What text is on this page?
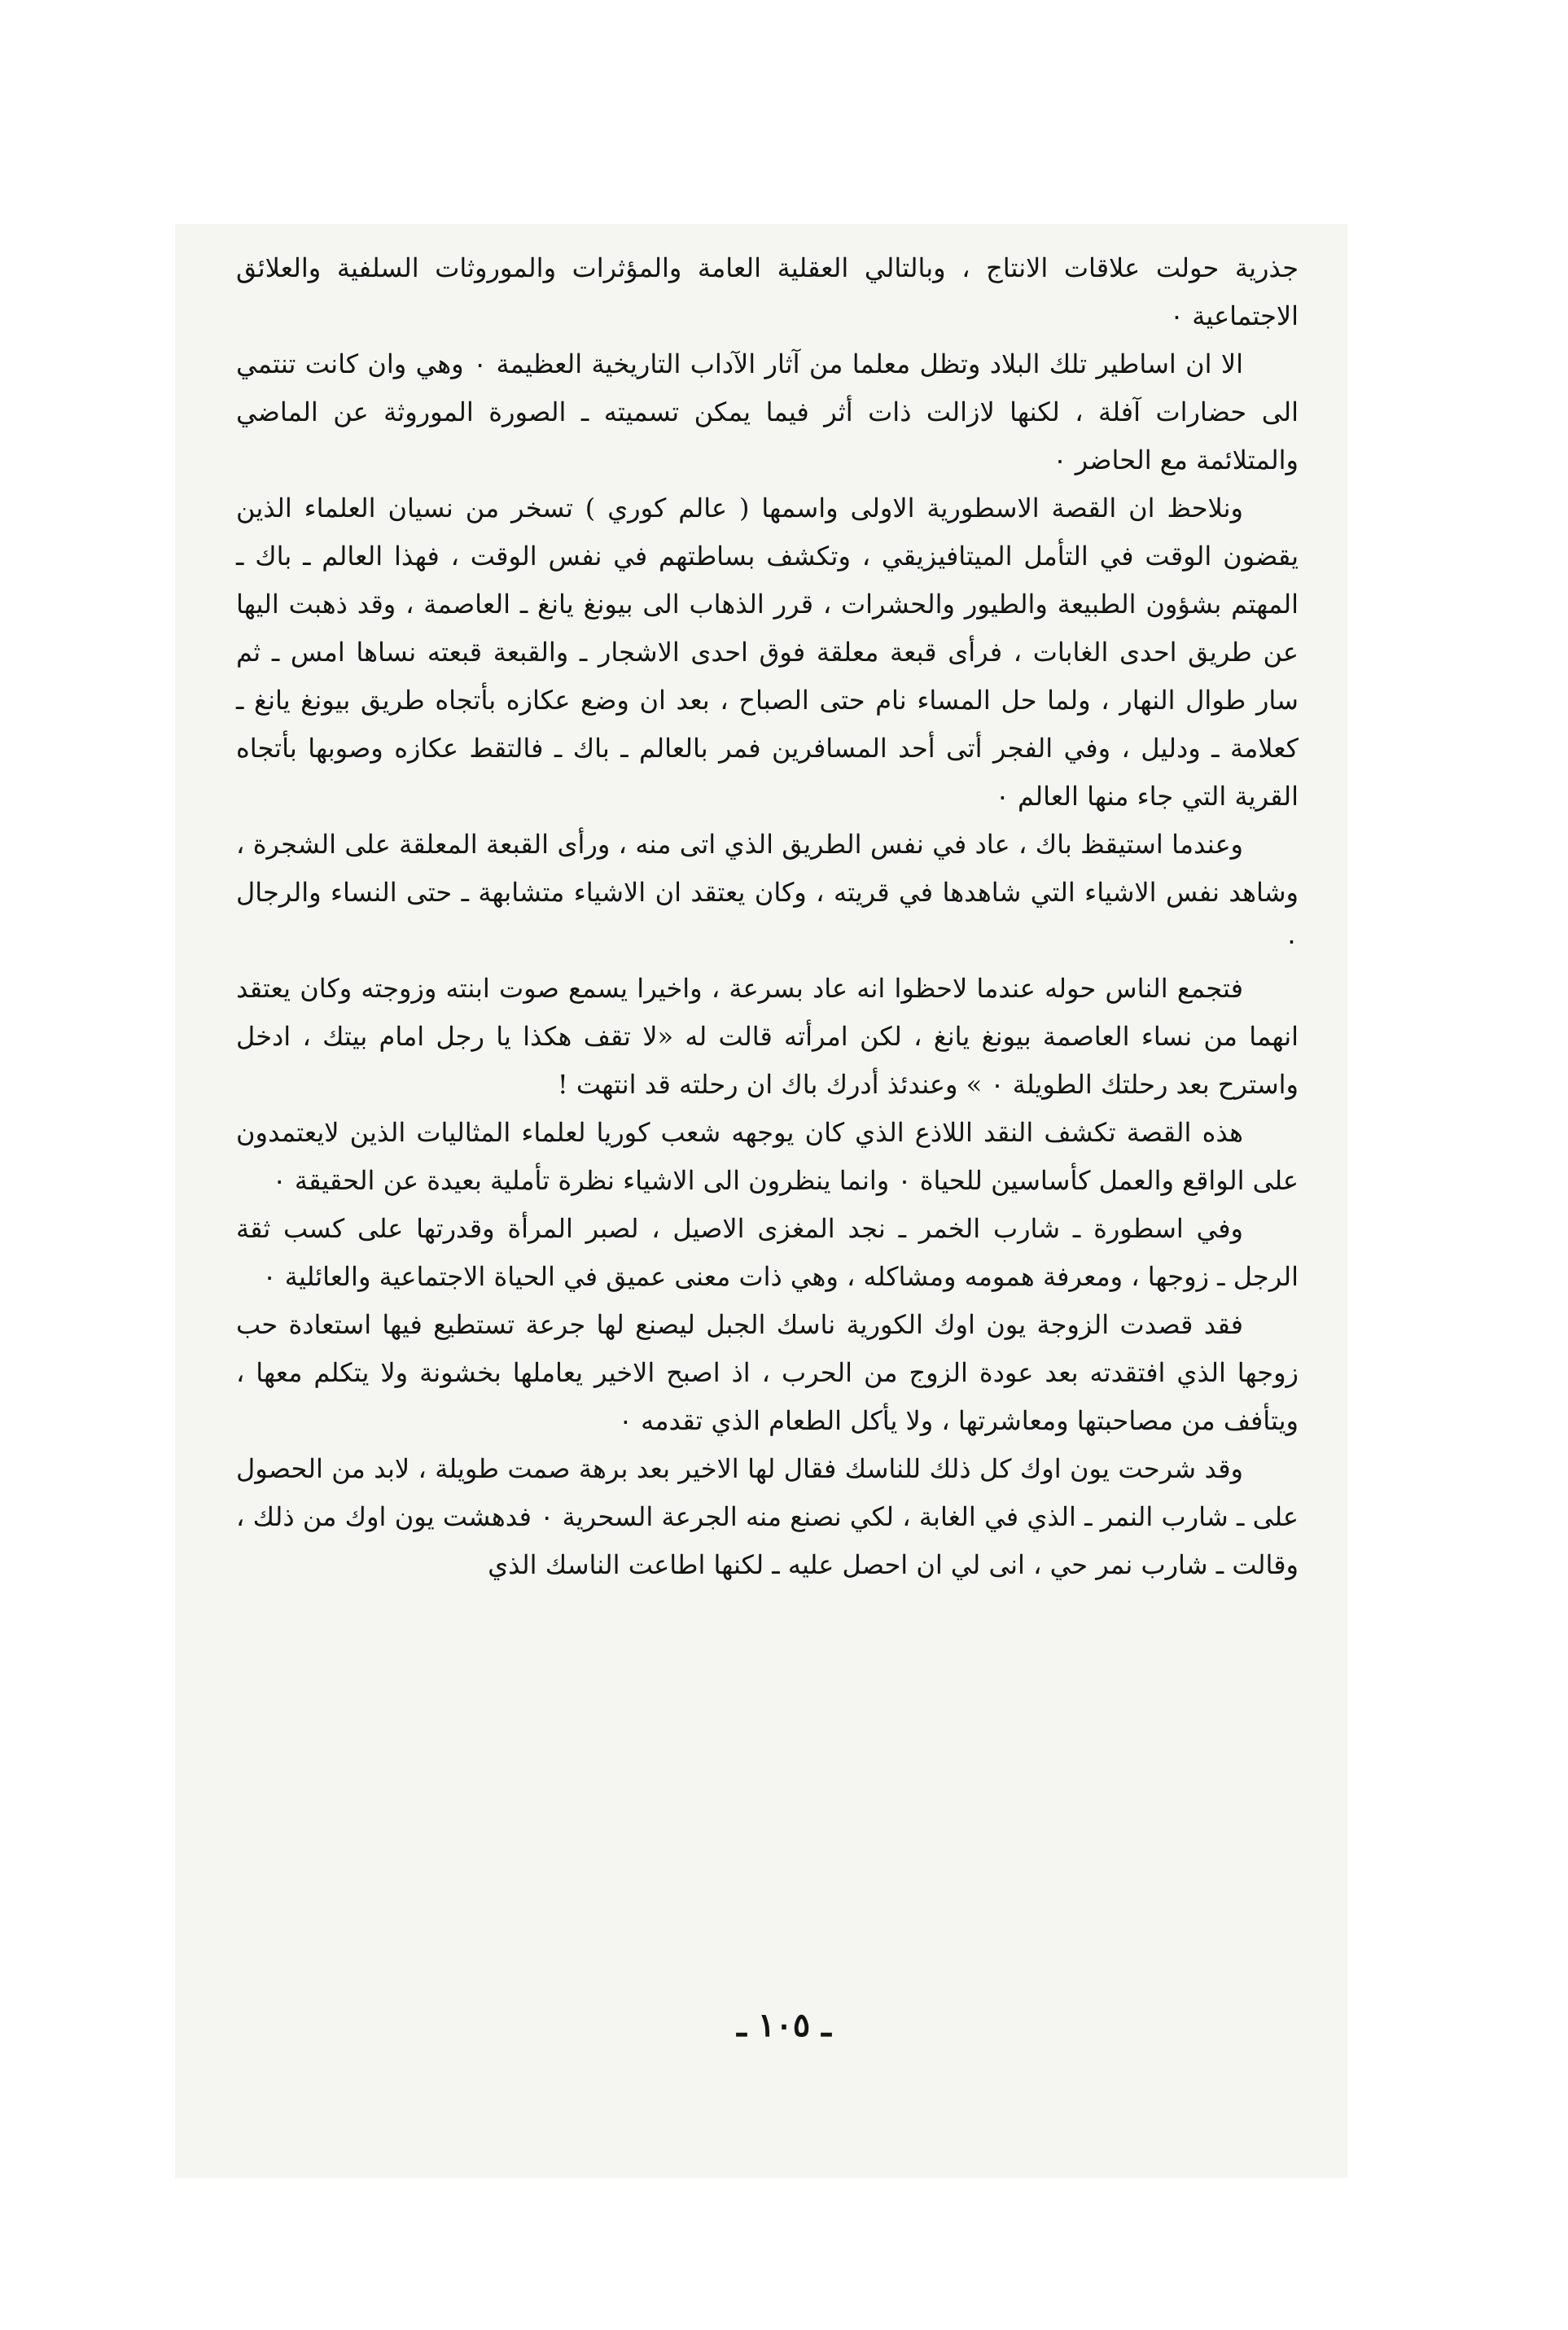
جذرية حولت علاقات الانتاج ، وبالتالي العقلية العامة والمؤثرات والموروثات السلفية والعلائق الاجتماعية ٠

الا ان اساطير تلك البلاد وتظل معلما من آثار الآداب التاريخية العظيمة ٠ وهي وان كانت تنتمي الى حضارات آفلة ، لكنها لازالت ذات أثر فيما يمكن تسميته ـ الصورة الموروثة عن الماضي والمتلائمة مع الحاضر ٠

ونلاحظ ان القصة الاسطورية الاولى واسمها ( عالم كوري ) تسخر من نسيان العلماء الذين يقضون الوقت في التأمل الميتافيزيقي ، وتكشف بساطتهم في نفس الوقت ، فهذا العالم ـ باك ـ المهتم بشؤون الطبيعة والطيور والحشرات ، قرر الذهاب الى بيونغ يانغ ـ العاصمة ، وقد ذهبت اليها عن طريق احدى الغابات ، فرأى قبعة معلقة فوق احدى الاشجار ـ والقبعة قبعته نساها امس ـ ثم سار طوال النهار ، ولما حل المساء نام حتى الصباح ، بعد ان وضع عكازه بأتجاه طريق بيونغ يانغ ـ كعلامة ـ ودليل ، وفي الفجر أتى أحد المسافرين فمر بالعالم ـ باك ـ فالتقط عكازه وصوبها بأتجاه القرية التي جاء منها العالم ٠

وعندما استيقظ باك ، عاد في نفس الطريق الذي اتى منه ، ورأى القبعة المعلقة على الشجرة ، وشاهد نفس الاشياء التي شاهدها في قريته ، وكان يعتقد ان الاشياء متشابهة ـ حتى النساء والرجال ٠

فتجمع الناس حوله عندما لاحظوا انه عاد بسرعة ، واخيرا يسمع صوت ابنته وزوجته وكان يعتقد انهما من نساء العاصمة بيونغ يانغ ، لكن امرأته قالت له «لا تقف هكذا يا رجل امام بيتك ، ادخل واسترح بعد رحلتك الطويلة ٠ » وعندئذ أدرك باك ان رحلته قد انتهت !

هذه القصة تكشف النقد اللاذع الذي كان يوجهه شعب كوريا لعلماء المثاليات الذين لايعتمدون على الواقع والعمل كأساسين للحياة ٠ وانما ينظرون الى الاشياء نظرة تأملية بعيدة عن الحقيقة ٠

وفي اسطورة ـ شارب الخمر ـ نجد المغزى الاصيل ، لصبر المرأة وقدرتها على كسب ثقة الرجل ـ زوجها ، ومعرفة همومه ومشاكله ، وهي ذات معنى عميق في الحياة الاجتماعية والعائلية ٠

فقد قصدت الزوجة يون اوك الكورية ناسك الجبل ليصنع لها جرعة تستطيع فيها استعادة حب زوجها الذي افتقدته بعد عودة الزوج من الحرب ، اذ اصبح الاخير يعاملها بخشونة ولا يتكلم معها ، ويتأفف من مصاحبتها ومعاشرتها ، ولا يأكل الطعام الذي تقدمه ٠

وقد شرحت يون اوك كل ذلك للناسك فقال لها الاخير بعد برهة صمت طويلة ، لابد من الحصول على ـ شارب النمر ـ الذي في الغابة ، لكي نصنع منه الجرعة السحرية ٠ فدهشت يون اوك من ذلك ، وقالت ـ شارب نمر حي ، انى لي ان احصل عليه ـ لكنها اطاعت الناسك الذي

ـ ١٠٥ ـ
